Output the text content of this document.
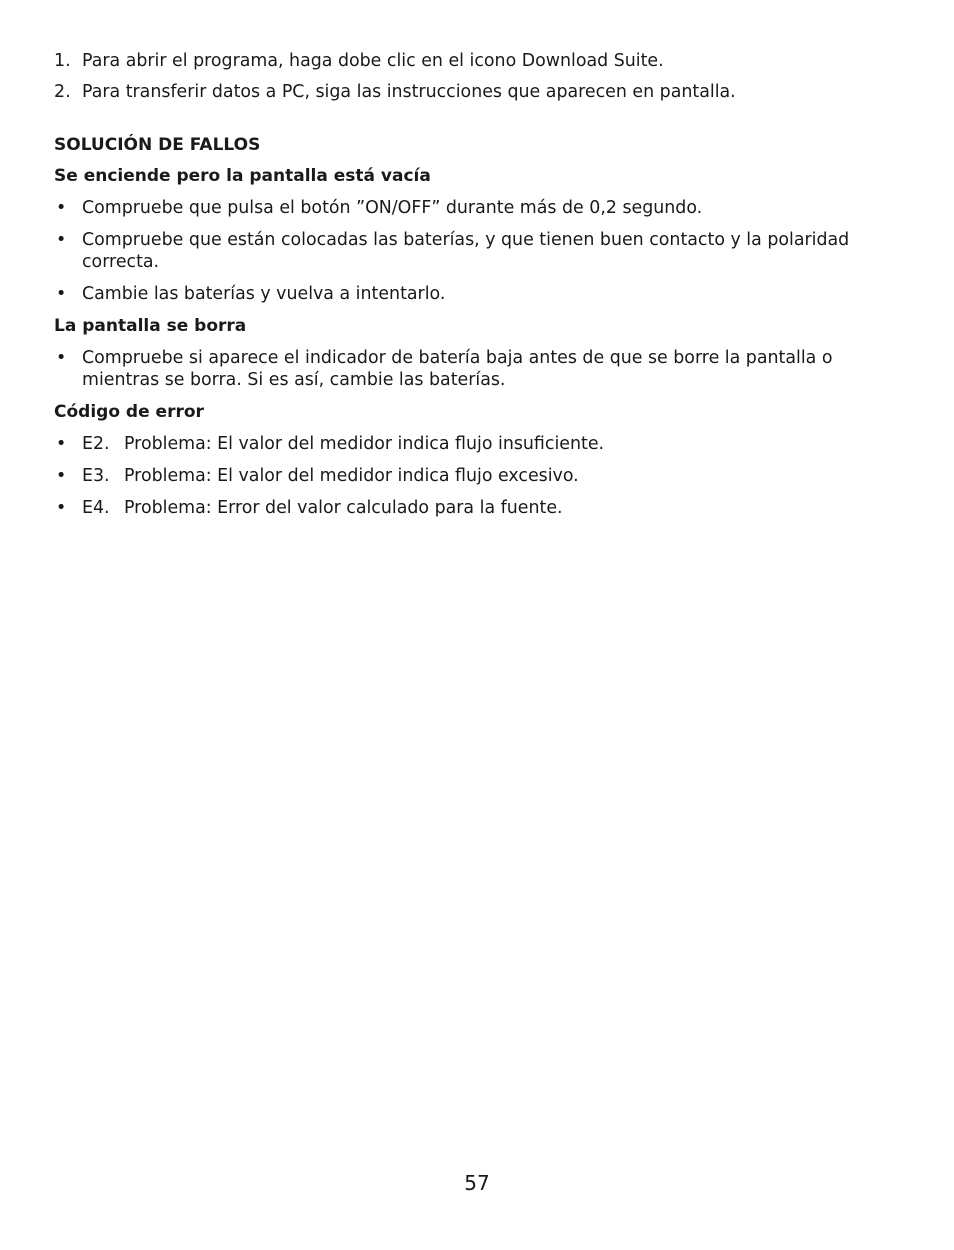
1. Para abrir el programa, haga dobe clic en el icono Download Suite.
2. Para transferir datos a PC, siga las instrucciones que aparecen en pantalla.
SOLUCIÓN DE FALLOS
Se enciende pero la pantalla está vacía
• Compruebe que pulsa el botón ”ON/OFF” durante más de 0,2 segundo.
• Compruebe que están colocadas las baterías, y que tienen buen contacto y la polaridad correcta.
• Cambie las baterías y vuelva a intentarlo.
La pantalla se borra
• Compruebe si aparece el indicador de batería baja antes de que se borre la pantalla o mientras se borra. Si es así, cambie las baterías.
Código de error
• E2. Problema: El valor del medidor indica flujo insuficiente.
• E3. Problema: El valor del medidor indica flujo excesivo.
• E4. Problema: Error del valor calculado para la fuente.
57
